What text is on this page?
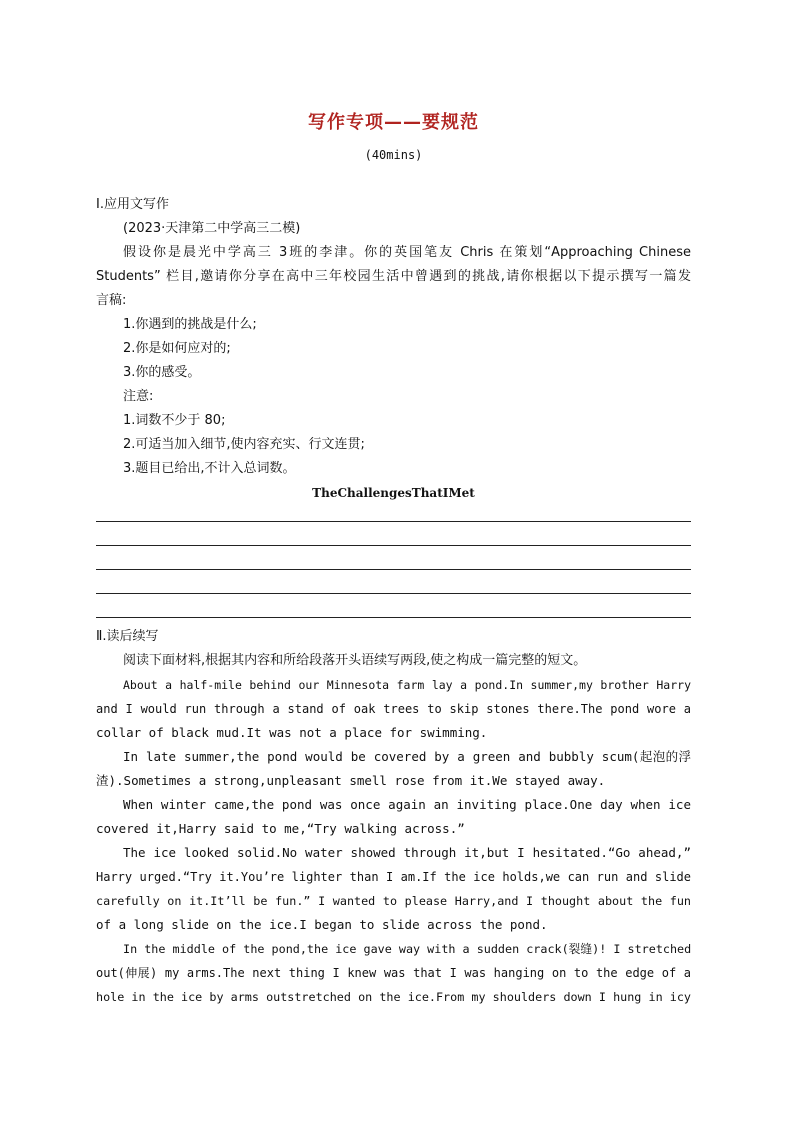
写作专项——要规范
(40mins)
Ⅰ.应用文写作
(2023·天津第二中学高三二模)
假设你是晨光中学高三 3班的李津。你的英国笔友 Chris 在策划“Approaching Chinese
Students” 栏目,邀请你分享在高中三年校园生活中曾遇到的挑战,请你根据以下提示撰写一篇发
言稿:
1.你遇到的挑战是什么;
2.你是如何应对的;
3.你的感受。
注意:
1.词数不少于 80;
2.可适当加入细节,使内容充实、行文连贯;
3.题目已给出,不计入总词数。
TheChallengesThatIMet
Ⅱ.读后续写
阅读下面材料,根据其内容和所给段落开头语续写两段,使之构成一篇完整的短文。
About a half-mile behind our Minnesota farm lay a pond.In summer,my brother Harry
and I would run through a stand of oak trees to skip stones there.The pond wore a
collar of black mud.It was not a place for swimming.
In late summer,the pond would be covered by a green and bubbly scum(起泡的浮
渣).Sometimes a strong,unpleasant smell rose from it.We stayed away.
When winter came,the pond was once again an inviting place.One day when ice
covered it,Harry said to me,“Try walking across.”
The ice looked solid.No water showed through it,but I hesitated.“Go ahead,”
Harry urged.“Try it.You’re lighter than I am.If the ice holds,we can run and slide
carefully on it.It’ll be fun.” I wanted to please Harry,and I thought about the fun
of a long slide on the ice.I began to slide across the pond.
In the middle of the pond,the ice gave way with a sudden crack(裂缝)! I stretched
out(伸展) my arms.The next thing I knew was that I was hanging on to the edge of a
hole in the ice by arms outstretched on the ice.From my shoulders down I hung in icy
